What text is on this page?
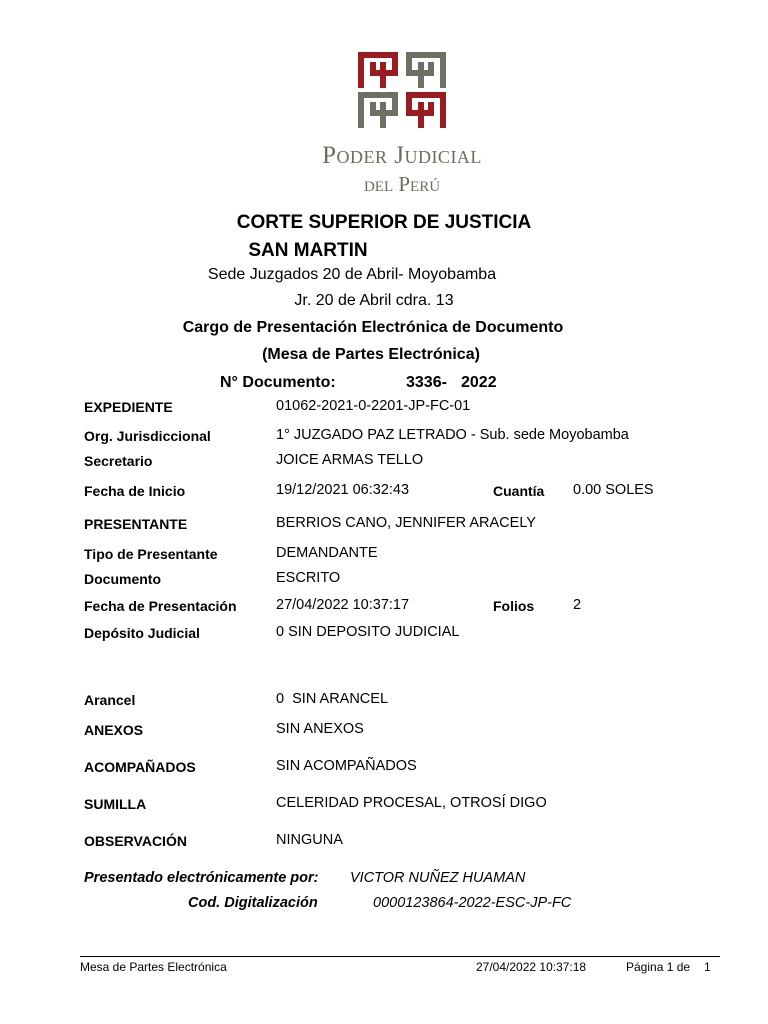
Poder Judicial
del Perú
CORTE SUPERIOR DE JUSTICIA
SAN MARTIN
Sede Juzgados 20 de Abril- Moyobamba
Jr. 20 de Abril cdra. 13
Cargo de Presentación Electrónica de Documento
(Mesa de Partes Electrónica)
N° Documento:	3336- 2022
EXPEDIENTE	01062-2021-0-2201-JP-FC-01
Org. Jurisdiccional	1° JUZGADO PAZ LETRADO - Sub. sede Moyobamba
Secretario	JOICE ARMAS TELLO
Fecha de Inicio	19/12/2021 06:32:43	Cuantía 0.00 SOLES
PRESENTANTE	BERRIOS CANO, JENNIFER ARACELY
Tipo de Presentante	DEMANDANTE
Documento	ESCRITO
Fecha de Presentación	27/04/2022 10:37:17	Folios	2
Depósito Judicial	0 SIN DEPOSITO JUDICIAL
Arancel	0  SIN ARANCEL
ANEXOS	SIN ANEXOS
ACOMPAÑADOS	SIN ACOMPAÑADOS
SUMILLA	CELERIDAD PROCESAL, OTROSÍ DIGO
OBSERVACIÓN	NINGUNA
Presentado electrónicamente por: VICTOR NUÑEZ HUAMAN
Cod. Digitalización	0000123864-2022-ESC-JP-FC
Mesa de Partes Electrónica	27/04/2022 10:37:18	Página 1 de 1
